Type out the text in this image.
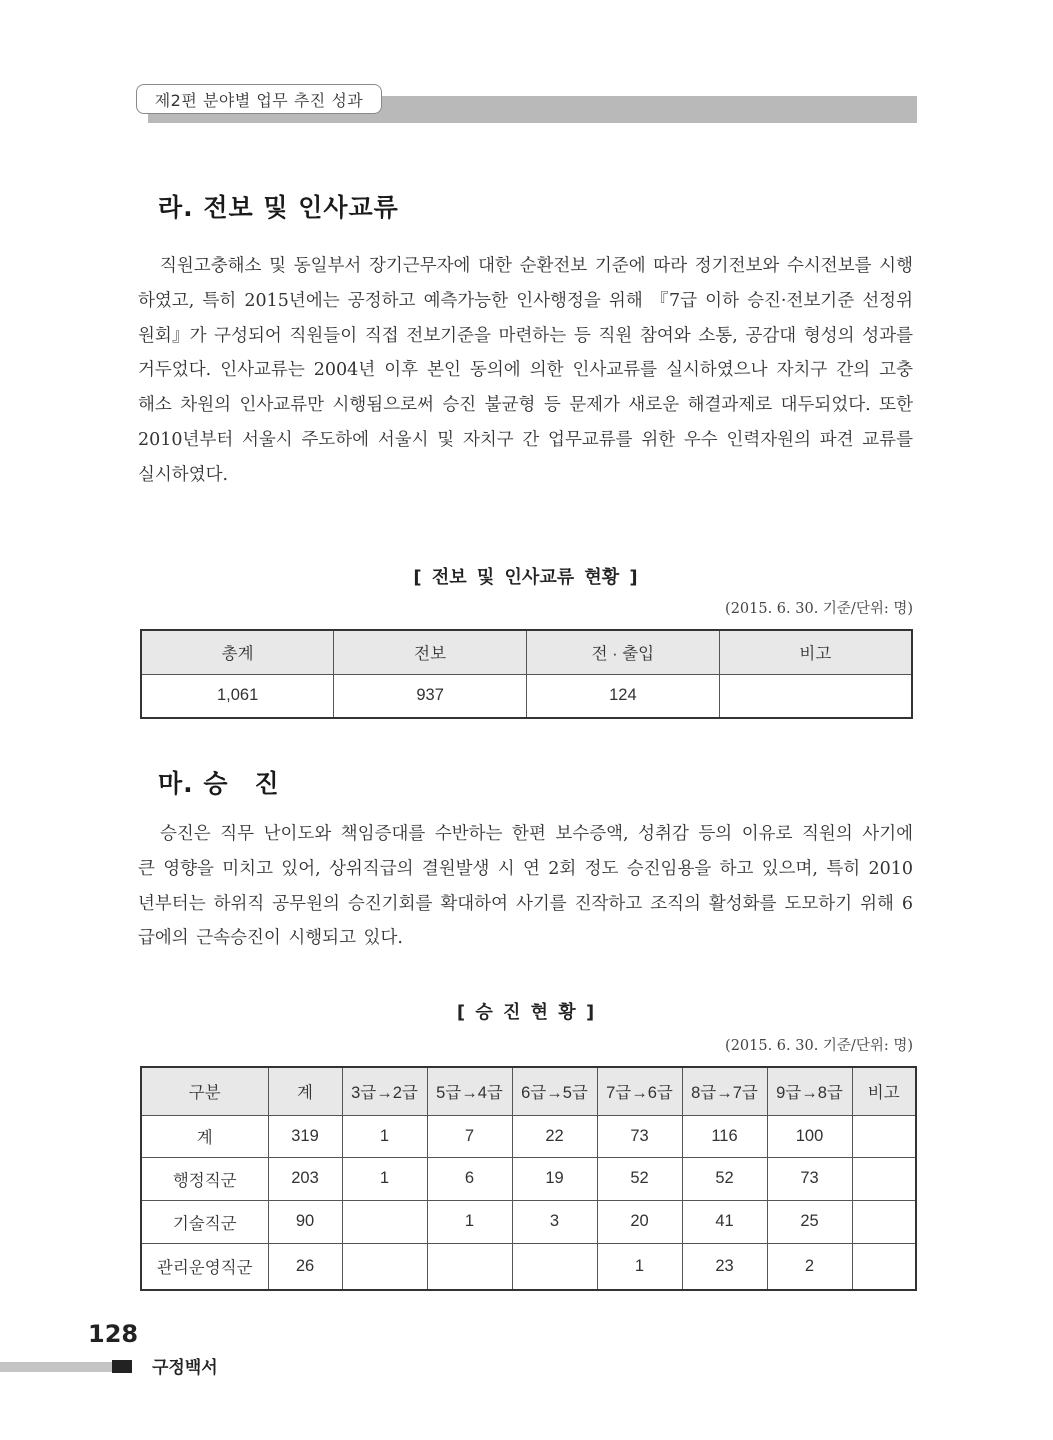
제2편 분야별 업무 추진 성과
라. 전보 및 인사교류

직원고충해소 및 동일부서 장기근무자에 대한 순환전보 기준에 따라 정기전보와 수시전보를 시행하였고, 특히 2015년에는 공정하고 예측가능한 인사행정을 위해 『7급 이하 승진·전보기준 선정위원회』가 구성되어 직원들이 직접 전보기준을 마련하는 등 직원 참여와 소통, 공감대 형성의 성과를 거두었다. 인사교류는 2004년 이후 본인 동의에 의한 인사교류를 실시하였으나 자치구 간의 고충해소 차원의 인사교류만 시행됨으로써 승진 불균형 등 문제가 새로운 해결과제로 대두되었다. 또한 2010년부터 서울시 주도하에 서울시 및 자치구 간 업무교류를 위한 우수 인력자원의 파견 교류를 실시하였다.

[ 전보 및 인사교류 현황 ]
(2015. 6. 30. 기준/단위: 명)
총계	전보	전 · 출입	비고
1,061	937	124	
마. 승　진

승진은 직무 난이도와 책임증대를 수반하는 한편 보수증액, 성취감 등의 이유로 직원의 사기에 큰 영향을 미치고 있어, 상위직급의 결원발생 시 연 2회 정도 승진임용을 하고 있으며, 특히 2010년부터는 하위직 공무원의 승진기회를 확대하여 사기를 진작하고 조직의 활성화를 도모하기 위해 6급에의 근속승진이 시행되고 있다.

[ 승 진 현 황 ]
(2015. 6. 30. 기준/단위: 명)
구분	계	3급→2급	5급→4급	6급→5급	7급→6급	8급→7급	9급→8급	비고
계	319	1	7	22	73	116	100	
행정직군	203	1	6	19	52	52	73	
기술직군	90		1	3	20	41	25	
관리운영직군	26				1	23	2	
128
구정백서
